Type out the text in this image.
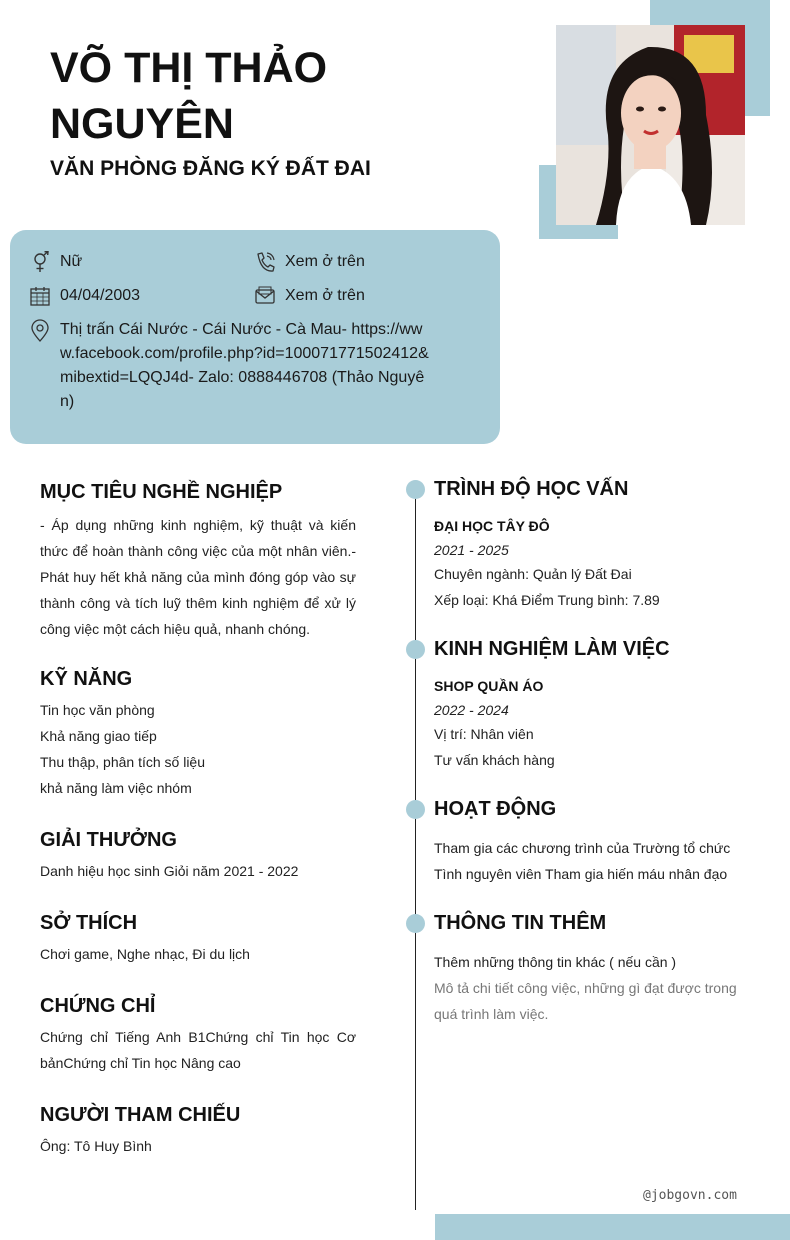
VÕ THỊ THẢO NGUYÊN
VĂN PHÒNG ĐĂNG KÝ ĐẤT ĐAI
Nữ	Xem ở trên
04/04/2003	Xem ở trên
Thị trấn Cái Nước - Cái Nước - Cà Mau- https://www.facebook.com/profile.php?id=100071771502412&mibextid=LQQJ4d- Zalo: 0888446708 (Thảo Nguyên)
MỤC TIÊU NGHỀ NGHIỆP

- Áp dụng những kinh nghiệm, kỹ thuật và kiến thức để hoàn thành công việc của một nhân viên.- Phát huy hết khả năng của mình đóng góp vào sự thành công và tích luỹ thêm kinh nghiệm để xử lý công việc một cách hiệu quả, nhanh chóng.

KỸ NĂNG

Tin học văn phòng

Khả năng giao tiếp

Thu thập, phân tích số liệu

khả năng làm việc nhóm

GIẢI THƯỞNG

Danh hiệu học sinh Giỏi năm 2021 - 2022

SỞ THÍCH

Chơi game, Nghe nhạc, Đi du lịch

CHỨNG CHỈ

Chứng chỉ Tiếng Anh B1Chứng chỉ Tin học Cơ bảnChứng chỉ Tin học Nâng cao

NGƯỜI THAM CHIẾU

Ông: Tô Huy Bình

TRÌNH ĐỘ HỌC VẤN
ĐẠI HỌC TÂY ĐÔ
2021 - 2025

Chuyên ngành: Quản lý Đất Đai

Xếp loại: Khá Điểm Trung bình: 7.89

KINH NGHIỆM LÀM VIỆC
SHOP QUẦN ÁO
2022 - 2024

Vị trí: Nhân viên

Tư vấn khách hàng

HOẠT ĐỘNG

Tham gia các chương trình của Trường tổ chức

Tình nguyên viên Tham gia hiến máu nhân đạo

THÔNG TIN THÊM

Thêm những thông tin khác ( nếu cần )

Mô tả chi tiết công việc, những gì đạt được trong quá trình làm việc.

@jobgovn.com
